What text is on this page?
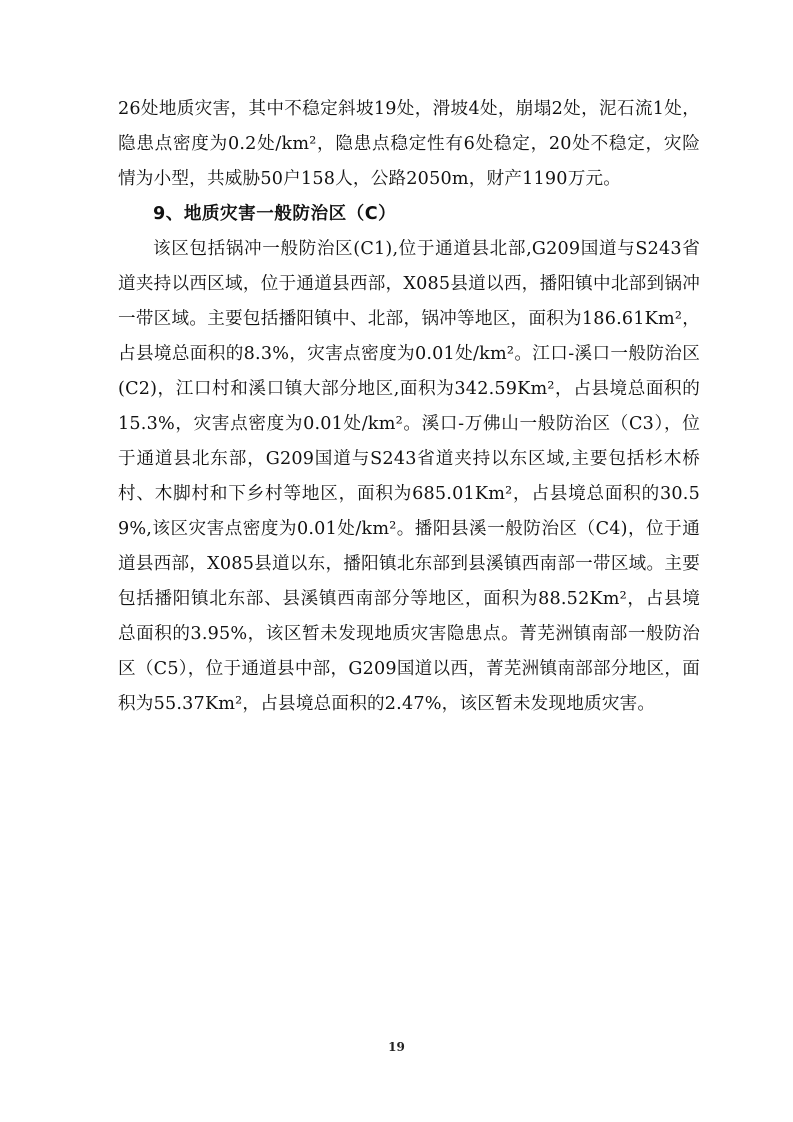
26处地质灾害，其中不稳定斜坡19处，滑坡4处，崩塌2处，泥石流1处，隐患点密度为0.2处/km²，隐患点稳定性有6处稳定，20处不稳定，灾险情为小型，共威胁50户158人，公路2050m，财产1190万元。

9、地质灾害一般防治区（C）

该区包括锅冲一般防治区(C1),位于通道县北部,G209国道与S243省道夹持以西区域，位于通道县西部，X085县道以西，播阳镇中北部到锅冲一带区域。主要包括播阳镇中、北部，锅冲等地区，面积为186.61Km²，占县境总面积的8.3%，灾害点密度为0.01处/km²。江口-溪口一般防治区(C2)，江口村和溪口镇大部分地区,面积为342.59Km²，占县境总面积的15.3%，灾害点密度为0.01处/km²。溪口-万佛山一般防治区（C3），位于通道县北东部，G209国道与S243省道夹持以东区域,主要包括杉木桥村、木脚村和下乡村等地区，面积为685.01Km²，占县境总面积的30.59%,该区灾害点密度为0.01处/km²。播阳县溪一般防治区（C4)，位于通道县西部，X085县道以东，播阳镇北东部到县溪镇西南部一带区域。主要包括播阳镇北东部、县溪镇西南部分等地区，面积为88.52Km²，占县境总面积的3.95%，该区暂未发现地质灾害隐患点。菁芜洲镇南部一般防治区（C5），位于通道县中部，G209国道以西，菁芜洲镇南部部分地区，面积为55.37Km²，占县境总面积的2.47%，该区暂未发现地质灾害。

19
